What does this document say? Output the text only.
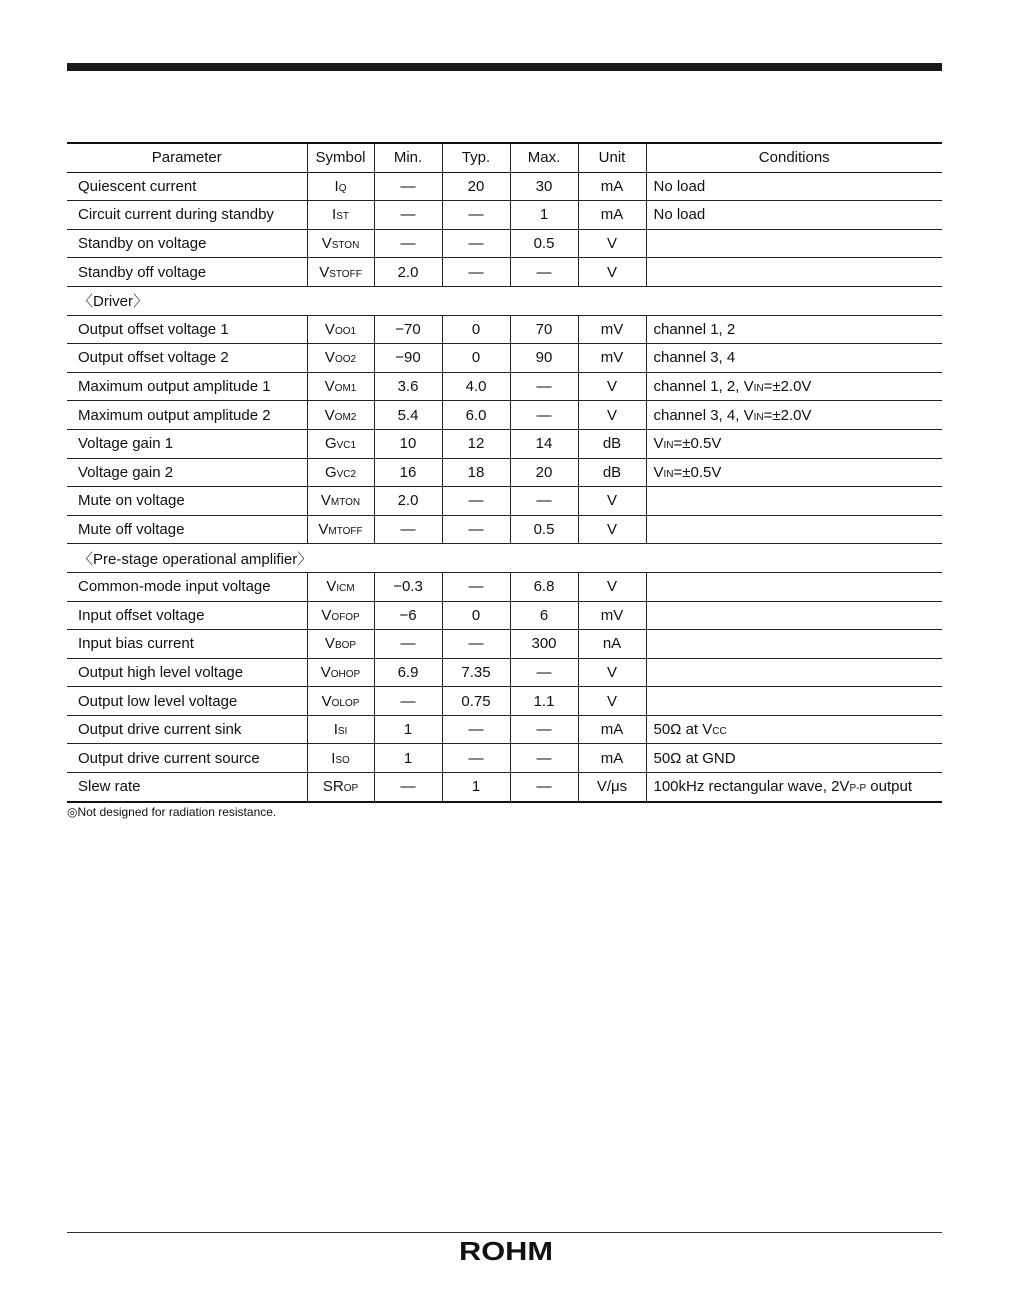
Parameter	Symbol	Min.	Typ.	Max.	Unit	Conditions
Quiescent current	IQ	—	20	30	mA	No load
Circuit current during standby	IST	—	—	1	mA	No load
Standby on voltage	VSTON	—	—	0.5	V	
Standby off voltage	VSTOFF	2.0	—	—	V	
〈Driver〉						
Output offset voltage 1	VOO1	−70	0	70	mV	channel 1, 2
Output offset voltage 2	VOO2	−90	0	90	mV	channel 3, 4
Maximum output amplitude 1	VOM1	3.6	4.0	—	V	channel 1, 2, VIN=±2.0V
Maximum output amplitude 2	VOM2	5.4	6.0	—	V	channel 3, 4, VIN=±2.0V
Voltage gain 1	GVC1	10	12	14	dB	VIN=±0.5V
Voltage gain 2	GVC2	16	18	20	dB	VIN=±0.5V
Mute on voltage	VMTON	2.0	—	—	V	
Mute off voltage	VMTOFF	—	—	0.5	V	
〈Pre-stage operational amplifier〉						
Common-mode input voltage	VICM	−0.3	—	6.8	V	
Input offset voltage	VOFOP	−6	0	6	mV	
Input bias current	VBOP	—	—	300	nA	
Output high level voltage	VOHOP	6.9	7.35	—	V	
Output low level voltage	VOLOP	—	0.75	1.1	V	
Output drive current sink	ISI	1	—	—	mA	50Ω at VCC
Output drive current source	ISO	1	—	—	mA	50Ω at GND
Slew rate	SROP	—	1	—	V/μs	100kHz rectangular wave, 2VP-P output
◎Not designed for radiation resistance.
ROHM
